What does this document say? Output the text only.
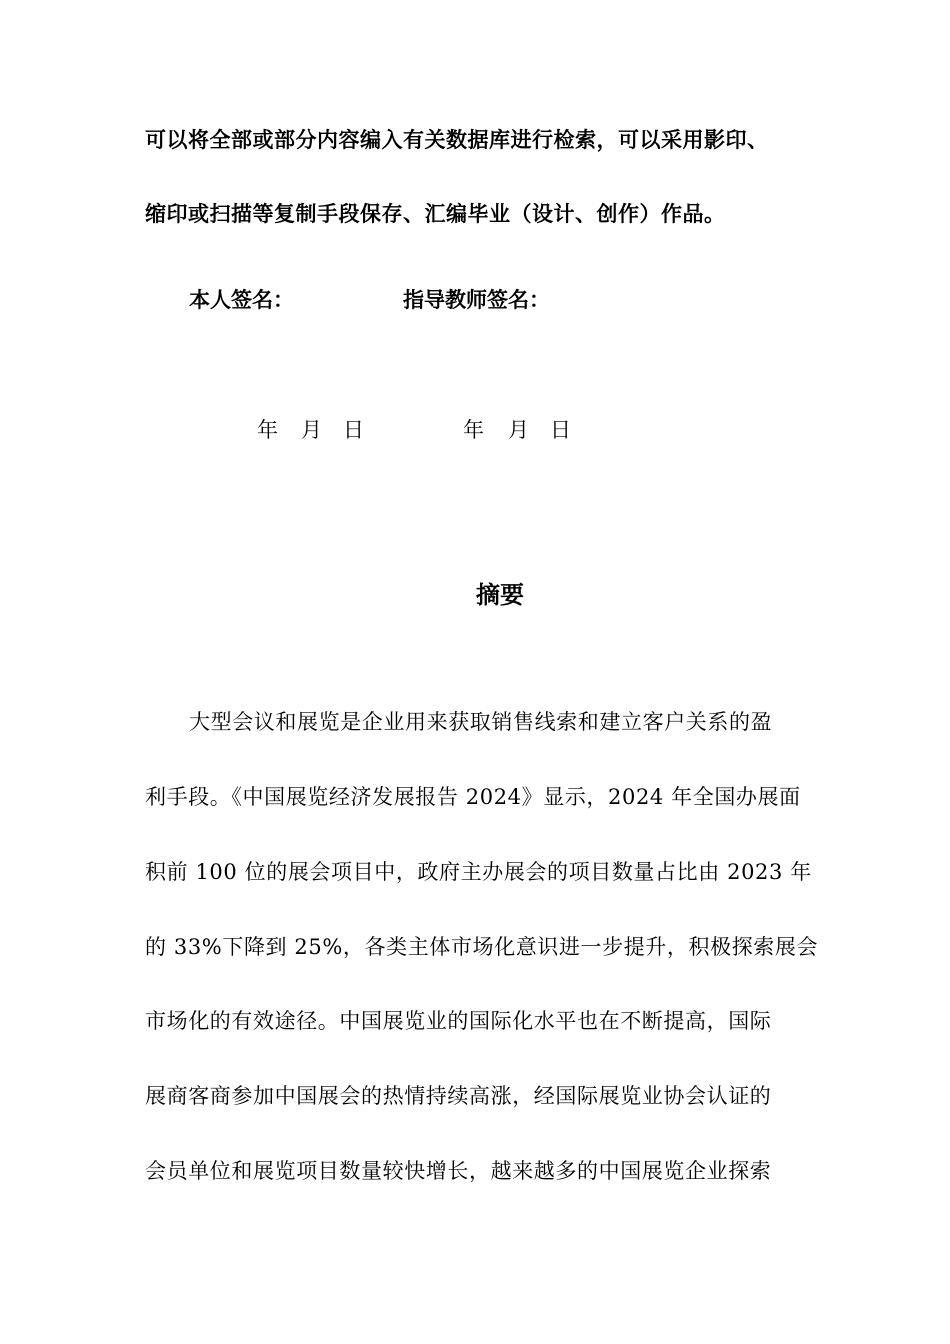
可以将全部或部分内容编入有关数据库进行检索，可以采用影印、
缩印或扫描等复制手段保存、汇编毕业（设计、创作）作品。
本人签名：	指导教师签名：
年 月 日	年 月 日
摘要
大型会议和展览是企业用来获取销售线索和建立客户关系的盈
利手段。《中国展览经济发展报告 2024》显示，2024 年全国办展面
积前 100 位的展会项目中，政府主办展会的项目数量占比由 2023 年
的 33%下降到 25%，各类主体市场化意识进一步提升，积极探索展会
市场化的有效途径。中国展览业的国际化水平也在不断提高，国际
展商客商参加中国展会的热情持续高涨，经国际展览业协会认证的
会员单位和展览项目数量较快增长，越来越多的中国展览企业探索
